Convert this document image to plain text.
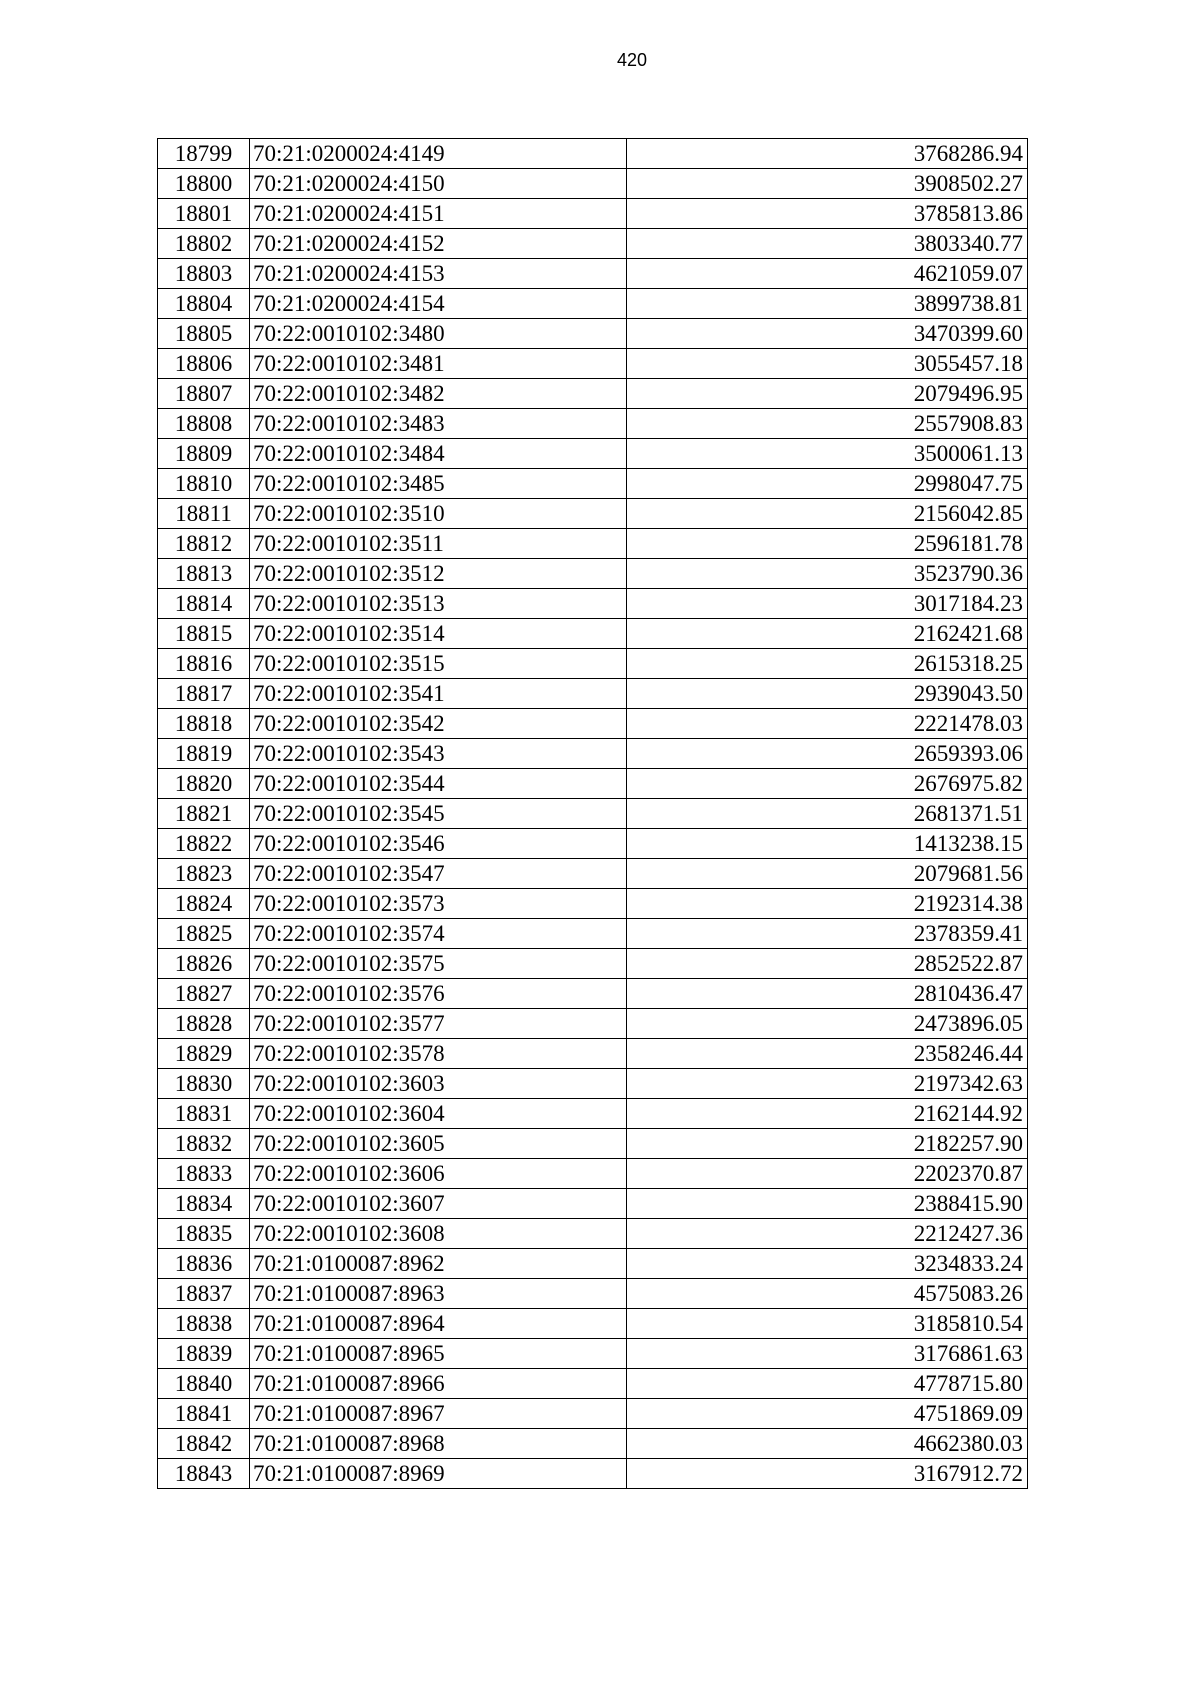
420
18799	70:21:0200024:4149	3768286.94
18800	70:21:0200024:4150	3908502.27
18801	70:21:0200024:4151	3785813.86
18802	70:21:0200024:4152	3803340.77
18803	70:21:0200024:4153	4621059.07
18804	70:21:0200024:4154	3899738.81
18805	70:22:0010102:3480	3470399.60
18806	70:22:0010102:3481	3055457.18
18807	70:22:0010102:3482	2079496.95
18808	70:22:0010102:3483	2557908.83
18809	70:22:0010102:3484	3500061.13
18810	70:22:0010102:3485	2998047.75
18811	70:22:0010102:3510	2156042.85
18812	70:22:0010102:3511	2596181.78
18813	70:22:0010102:3512	3523790.36
18814	70:22:0010102:3513	3017184.23
18815	70:22:0010102:3514	2162421.68
18816	70:22:0010102:3515	2615318.25
18817	70:22:0010102:3541	2939043.50
18818	70:22:0010102:3542	2221478.03
18819	70:22:0010102:3543	2659393.06
18820	70:22:0010102:3544	2676975.82
18821	70:22:0010102:3545	2681371.51
18822	70:22:0010102:3546	1413238.15
18823	70:22:0010102:3547	2079681.56
18824	70:22:0010102:3573	2192314.38
18825	70:22:0010102:3574	2378359.41
18826	70:22:0010102:3575	2852522.87
18827	70:22:0010102:3576	2810436.47
18828	70:22:0010102:3577	2473896.05
18829	70:22:0010102:3578	2358246.44
18830	70:22:0010102:3603	2197342.63
18831	70:22:0010102:3604	2162144.92
18832	70:22:0010102:3605	2182257.90
18833	70:22:0010102:3606	2202370.87
18834	70:22:0010102:3607	2388415.90
18835	70:22:0010102:3608	2212427.36
18836	70:21:0100087:8962	3234833.24
18837	70:21:0100087:8963	4575083.26
18838	70:21:0100087:8964	3185810.54
18839	70:21:0100087:8965	3176861.63
18840	70:21:0100087:8966	4778715.80
18841	70:21:0100087:8967	4751869.09
18842	70:21:0100087:8968	4662380.03
18843	70:21:0100087:8969	3167912.72
